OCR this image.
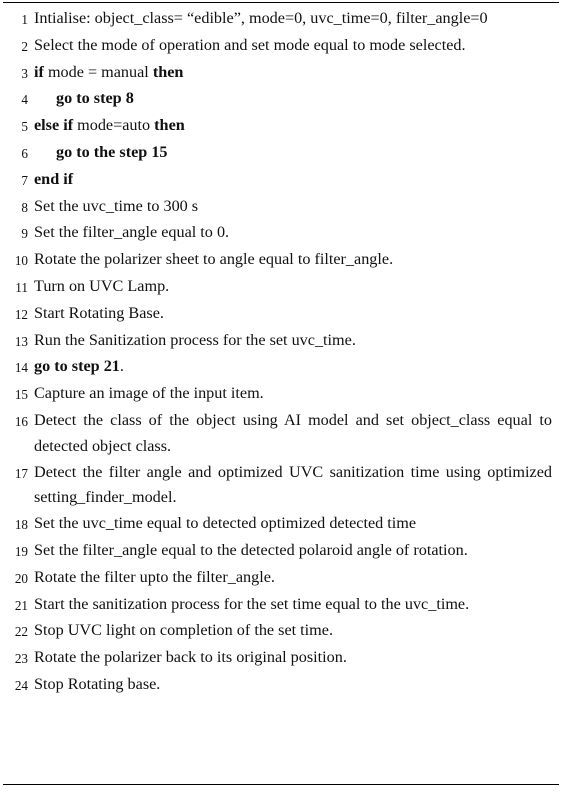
1 Intialise: object_class= “edible”, mode=0, uvc_time=0, filter_angle=0
2 Select the mode of operation and set mode equal to mode selected.
3 if mode = manual then
4	go to step 8
5 else if mode=auto then
6	go to the step 15
7 end if
8 Set the uvc_time to 300 s
9 Set the filter_angle equal to 0.
10 Rotate the polarizer sheet to angle equal to filter_angle.
11 Turn on UVC Lamp.
12 Start Rotating Base.
13 Run the Sanitization process for the set uvc_time.
14 go to step 21.
15 Capture an image of the input item.
16 Detect the class of the object using AI model and set object_class equal to detected object class.
17 Detect the filter angle and optimized UVC sanitization time using optimized setting_finder_model.
18 Set the uvc_time equal to detected optimized detected time
19 Set the filter_angle equal to the detected polaroid angle of rotation.
20 Rotate the filter upto the filter_angle.
21 Start the sanitization process for the set time equal to the uvc_time.
22 Stop UVC light on completion of the set time.
23 Rotate the polarizer back to its original position.
24 Stop Rotating base.
